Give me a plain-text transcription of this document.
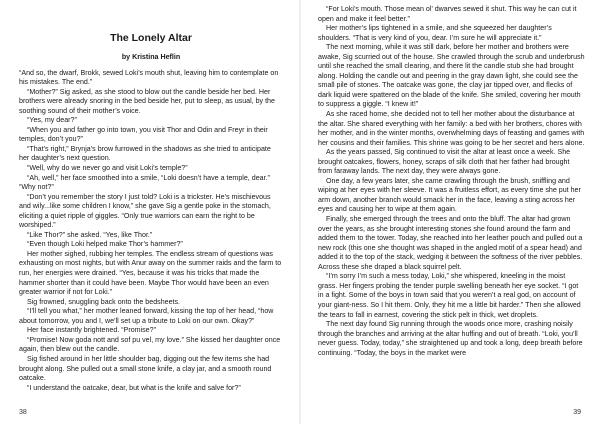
The Lonely Altar
by Kristina Heflin

“And so, the dwarf, Brokk, sewed Loki’s mouth shut, leaving him to contemplate on his mistakes. The end.”

“Mother?” Sig asked, as she stood to blow out the candle beside her bed. Her brothers were already snoring in the bed beside her, put to sleep, as usual, by the soothing sound of their mother’s voice.

“Yes, my dear?”

“When you and father go into town, you visit Thor and Odin and Freyr in their temples, don’t you?”

“That’s right,” Brynja’s brow furrowed in the shadows as she tried to anticipate her daughter’s next question.

“Well, why do we never go and visit Loki’s temple?”

“Ah, well,” her face smoothed into a smile, “Loki doesn’t have a temple, dear.” “Why not?”

“Don’t you remember the story I just told? Loki is a trickster. He’s mischievous and wily...like some children I know,” she gave Sig a gentle poke in the stomach, eliciting a quiet ripple of giggles. “Only true warriors can earn the right to be worshiped.”

“Like Thor?” she asked. “Yes, like Thor.”

“Even though Loki helped make Thor’s hammer?”

Her mother sighed, rubbing her temples. The endless stream of questions was exhausting on most nights, but with Anur away on the summer raids and the farm to run, her energies were drained. “Yes, because it was his tricks that made the hammer shorter than it could have been. Maybe Thor would have been an even greater warrior if not for Loki.”

Sig frowned, snuggling back onto the bedsheets.

“I’ll tell you what,” her mother leaned forward, kissing the top of her head, “how about tomorrow, you and I, we’ll set up a tribute to Loki on our own. Okay?”

Her face instantly brightened. “Promise?”

“Promise! Now goda nott and sof pu vel, my love.” She kissed her daughter once again, then blew out the candle.

Sig fished around in her little shoulder bag, digging out the few items she had brought along. She pulled out a small stone knife, a clay jar, and a smooth round oatcake.

“I understand the oatcake, dear, but what is the knife and salve for?”

38

“For Loki’s mouth. Those mean ol’ dwarves sewed it shut. This way he can cut it open and make it feel better.”

Her mother’s lips tightened in a smile, and she squeezed her daughter’s shoulders. “That is very kind of you, dear. I’m sure he will appreciate it.”

The next morning, while it was still dark, before her mother and brothers were awake, Sig scurried out of the house. She crawled through the scrub and underbrush until she reached the small clearing, and there lit the candle stub she had brought along. Holding the candle out and peering in the gray dawn light, she could see the small pile of stones. The oatcake was gone, the clay jar tipped over, and flecks of dark liquid were spattered on the blade of the knife. She smiled, covering her mouth to suppress a giggle. “I knew it!”

As she raced home, she decided not to tell her mother about the disturbance at the altar. She shared everything with her family: a bed with her brothers, chores with her mother, and in the winter months, overwhelming days of feasting and games with her cousins and their families. This shrine was going to be her secret and hers alone.

As the years passed, Sig continued to visit the altar at least once a week. She brought oatcakes, flowers, honey, scraps of silk cloth that her father had brought from faraway lands. The next day, they were always gone.

One day, a few years later, she came crawling through the brush, sniffling and wiping at her eyes with her sleeve. It was a fruitless effort, as every time she put her arm down, another branch would smack her in the face, leaving a sting across her eyes and causing her to wipe at them again.

Finally, she emerged through the trees and onto the bluff. The altar had grown over the years, as she brought interesting stones she found around the farm and added them to the tower. Today, she reached into her leather pouch and pulled out a new rock (this one she thought was shaped in the angled motif of a spear head) and added it to the top of the stack, wedging it between the softness of the river pebbles. Across these she draped a black squirrel pelt.

“I’m sorry I’m such a mess today, Loki,” she whispered, kneeling in the moist grass. Her fingers probing the tender purple swelling beneath her eye socket. “I got in a fight. Some of the boys in town said that you weren’t a real god, on account of your giant-ness. So I hit them. Only, they hit me a little bit harder.” Then she allowed the tears to fall in earnest, covering the stick pelt in thick, wet droplets.

The next day found Sig running through the woods once more, crashing noisily through the branches and arriving at the altar huffing and out of breath. “Loki, you’ll never guess. Today, today,” she straightened up and took a long, deep breath before continuing. “Today, the boys in the market were

39
